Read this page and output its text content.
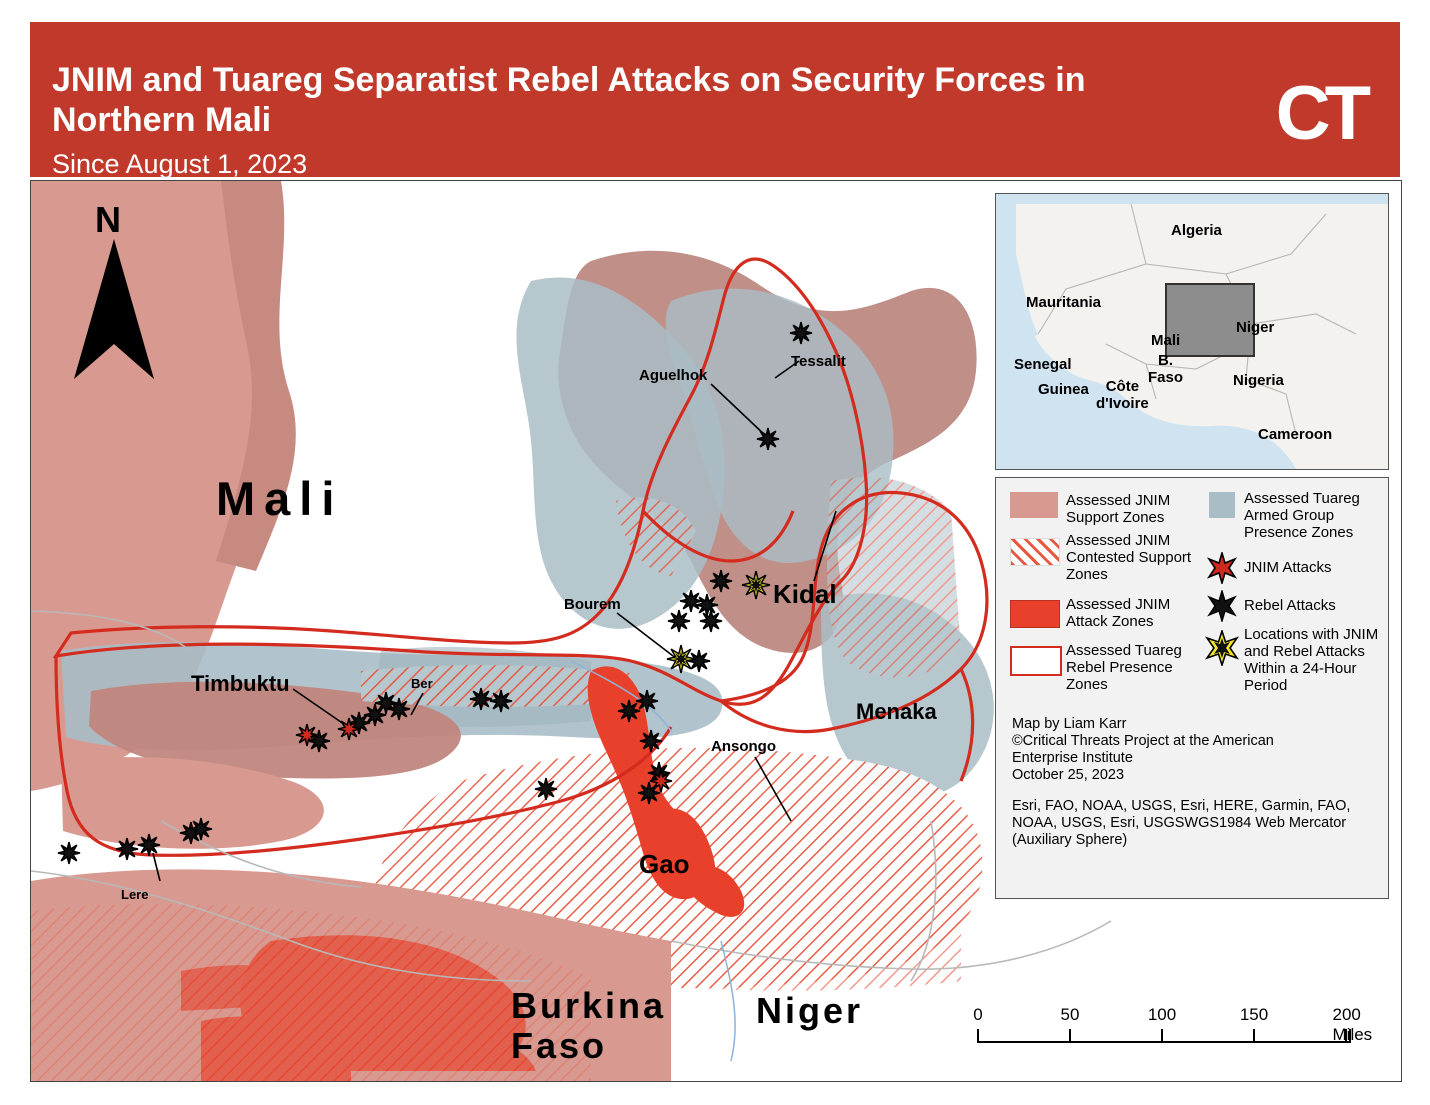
JNIM and Tuareg Separatist Rebel Attacks on Security Forces in Northern Mali
Since August 1, 2023
CT
N
Mali
Burkina
Faso
Niger
Tessalit
Aguelhok
Kidal
Bourem
Menaka
Ansongo
Gao
Timbuktu	Ber
Lere
Algeria
Mauritania
Mali
Niger
Senegal	B.
Faso	Nigeria
Guinea	Côte
d'Ivoire
Cameroon
Assessed JNIM Support Zones
Assessed JNIM Contested Support Zones
Assessed JNIM Attack Zones
Assessed Tuareg Rebel Presence Zones
Assessed Tuareg Armed Group Presence Zones
JNIM Attacks
Rebel Attacks
Locations with JNIM and Rebel Attacks Within a 24-Hour Period
Map by Liam Karr
©Critical Threats Project at the American Enterprise Institute
October 25, 2023
Esri, FAO, NOAA, USGS, Esri, HERE, Garmin, FAO, NOAA, USGS, Esri, USGSWGS1984 Web Mercator (Auxiliary Sphere)
0	50	100	150	200 Miles
